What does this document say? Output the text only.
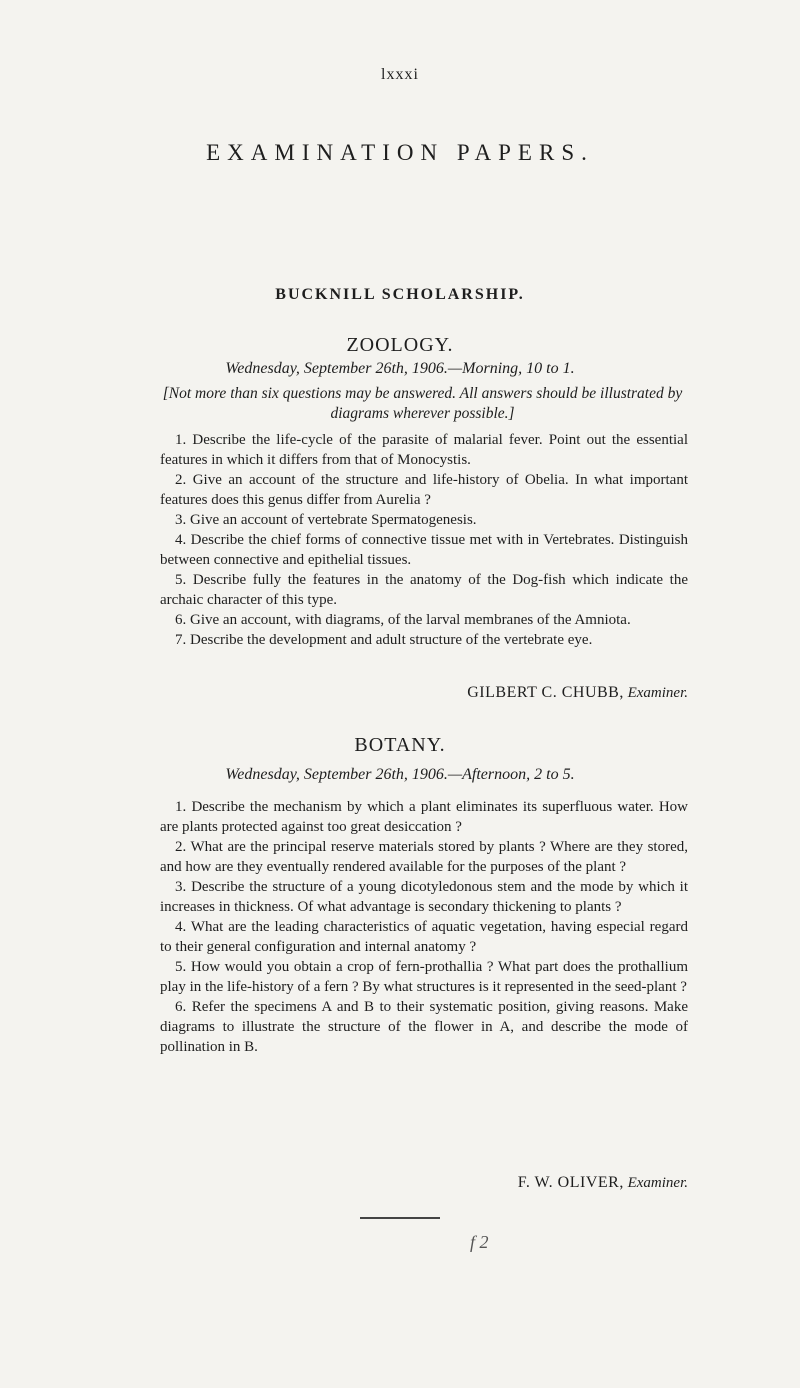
lxxxi
EXAMINATION PAPERS.
BUCKNILL SCHOLARSHIP.
ZOOLOGY.
Wednesday, September 26th, 1906.—Morning, 10 to 1.
[Not more than six questions may be answered. All answers should be illustrated by diagrams wherever possible.]

1. Describe the life-cycle of the parasite of malarial fever. Point out the essential features in which it differs from that of Monocystis.

2. Give an account of the structure and life-history of Obelia. In what important features does this genus differ from Aurelia ?

3. Give an account of vertebrate Spermatogenesis.

4. Describe the chief forms of connective tissue met with in Vertebrates. Distinguish between connective and epithelial tissues.

5. Describe fully the features in the anatomy of the Dog-fish which indicate the archaic character of this type.

6. Give an account, with diagrams, of the larval membranes of the Amniota.

7. Describe the development and adult structure of the vertebrate eye.

GILBERT C. CHUBB, Examiner.
BOTANY.
Wednesday, September 26th, 1906.—Afternoon, 2 to 5.

1. Describe the mechanism by which a plant eliminates its superfluous water. How are plants protected against too great desiccation ?

2. What are the principal reserve materials stored by plants ? Where are they stored, and how are they eventually rendered available for the purposes of the plant ?

3. Describe the structure of a young dicotyledonous stem and the mode by which it increases in thickness. Of what advantage is secondary thickening to plants ?

4. What are the leading characteristics of aquatic vegetation, having especial regard to their general configuration and internal anatomy ?

5. How would you obtain a crop of fern-prothallia ? What part does the prothallium play in the life-history of a fern ? By what structures is it represented in the seed-plant ?

6. Refer the specimens A and B to their systematic position, giving reasons. Make diagrams to illustrate the structure of the flower in A, and describe the mode of pollination in B.

F. W. OLIVER, Examiner.
f 2
